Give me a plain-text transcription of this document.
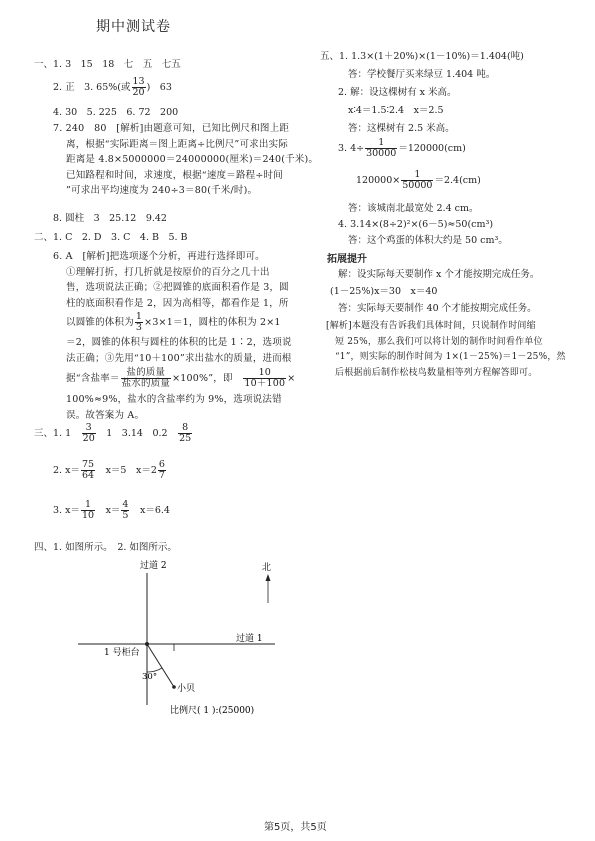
期中测试卷
一、1. 3　15　18　七　五　七五
2. 正　3. 65%(或 $\frac{13}{20}$ )　63
4. 30　5. 225　6. 72　200
7. 240　80　[解析]由题意可知，已知比例尺和图上距
离，根据“实际距离＝图上距离÷比例尺”可求出实际
距离是 4.8×5000000＝24000000(厘米)＝240(千米)。
已知路程和时间，求速度，根据“速度＝路程÷时间
”可求出平均速度为 240÷3＝80(千米/时)。
8. 圆柱　3　25.12　9.42
二、1. C　2. D　3. C　4. B　5. B
6. A　[解析]把选项逐个分析，再进行选择即可。
①理解打折，打几折就是按原价的百分之几十出
售，选项说法正确；②把圆锥的底面积看作是 3，圆
柱的底面积看作是 2，因为高相等，都看作是 1，所
以圆锥的体积为 $\frac{1}{3} \times 3\times 1=1$，圆柱的体积为 2×1
＝2，圆锥的体积与圆柱的体积的比是 1∶2，选项说
法正确；③先用“10＋100”求出盐水的质量，进而根
据“含盐率＝ $\frac{\text{盐的质量}}{\text{盐水的质量}} \times 100\%$”，即　 $\frac{10}{10+100}$ ×
100%≈9%，盐水的含盐率约为 9%，选项说法错
误。故答案为 A。
三、1. 1　 $\frac{3}{20}$
　 1　3.14　0.2　 $\frac{8}{25}$
2. $x= \frac{75}{64}$
　 x＝5　$x=2 \frac{6}{7}$
3. $x= \frac{1}{10}$
　 $x= \frac{4}{5}$
　 x＝6.4
四、1. 如图所示。　2. 如图所示。
北
过道 2
过道 1
1 号柜台
30°
小贝
比例尺( 1 ):(25000)
五、1. 1.3×(1＋20%)×(1－10%)＝1.404(吨)
答：学校餐厅买来绿豆 1.404 吨。
2. 解：设这棵树有 x 米高。
x∶4＝1.5∶2.4　x＝2.5
答：这棵树有 2.5 米高。
3. $4\div \frac{1}{30000} =120000(cm)$
$120000\times \frac{1}{50000} =2.4(cm)$
答：该城南北最宽处 2.4 cm。
4. 3.14×(8÷2)²×(6－5)≈50(cm³)
答：这个鸡蛋的体积大约是 50 cm³。
拓展提升
解：设实际每天要制作 x 个才能按期完成任务。
(1－25%)x＝30　x＝40
答：实际每天要制作 40 个才能按期完成任务。
[解析]本题没有告诉我们具体时间，只说制作时间缩
短 25%，那么我们可以将计划的制作时间看作单位
“1”，则实际的制作时间为 1×(1－25%)＝1－25%，然
后根据前后制作松枝鸟数量相等列方程解答即可。
第5页，共5页
